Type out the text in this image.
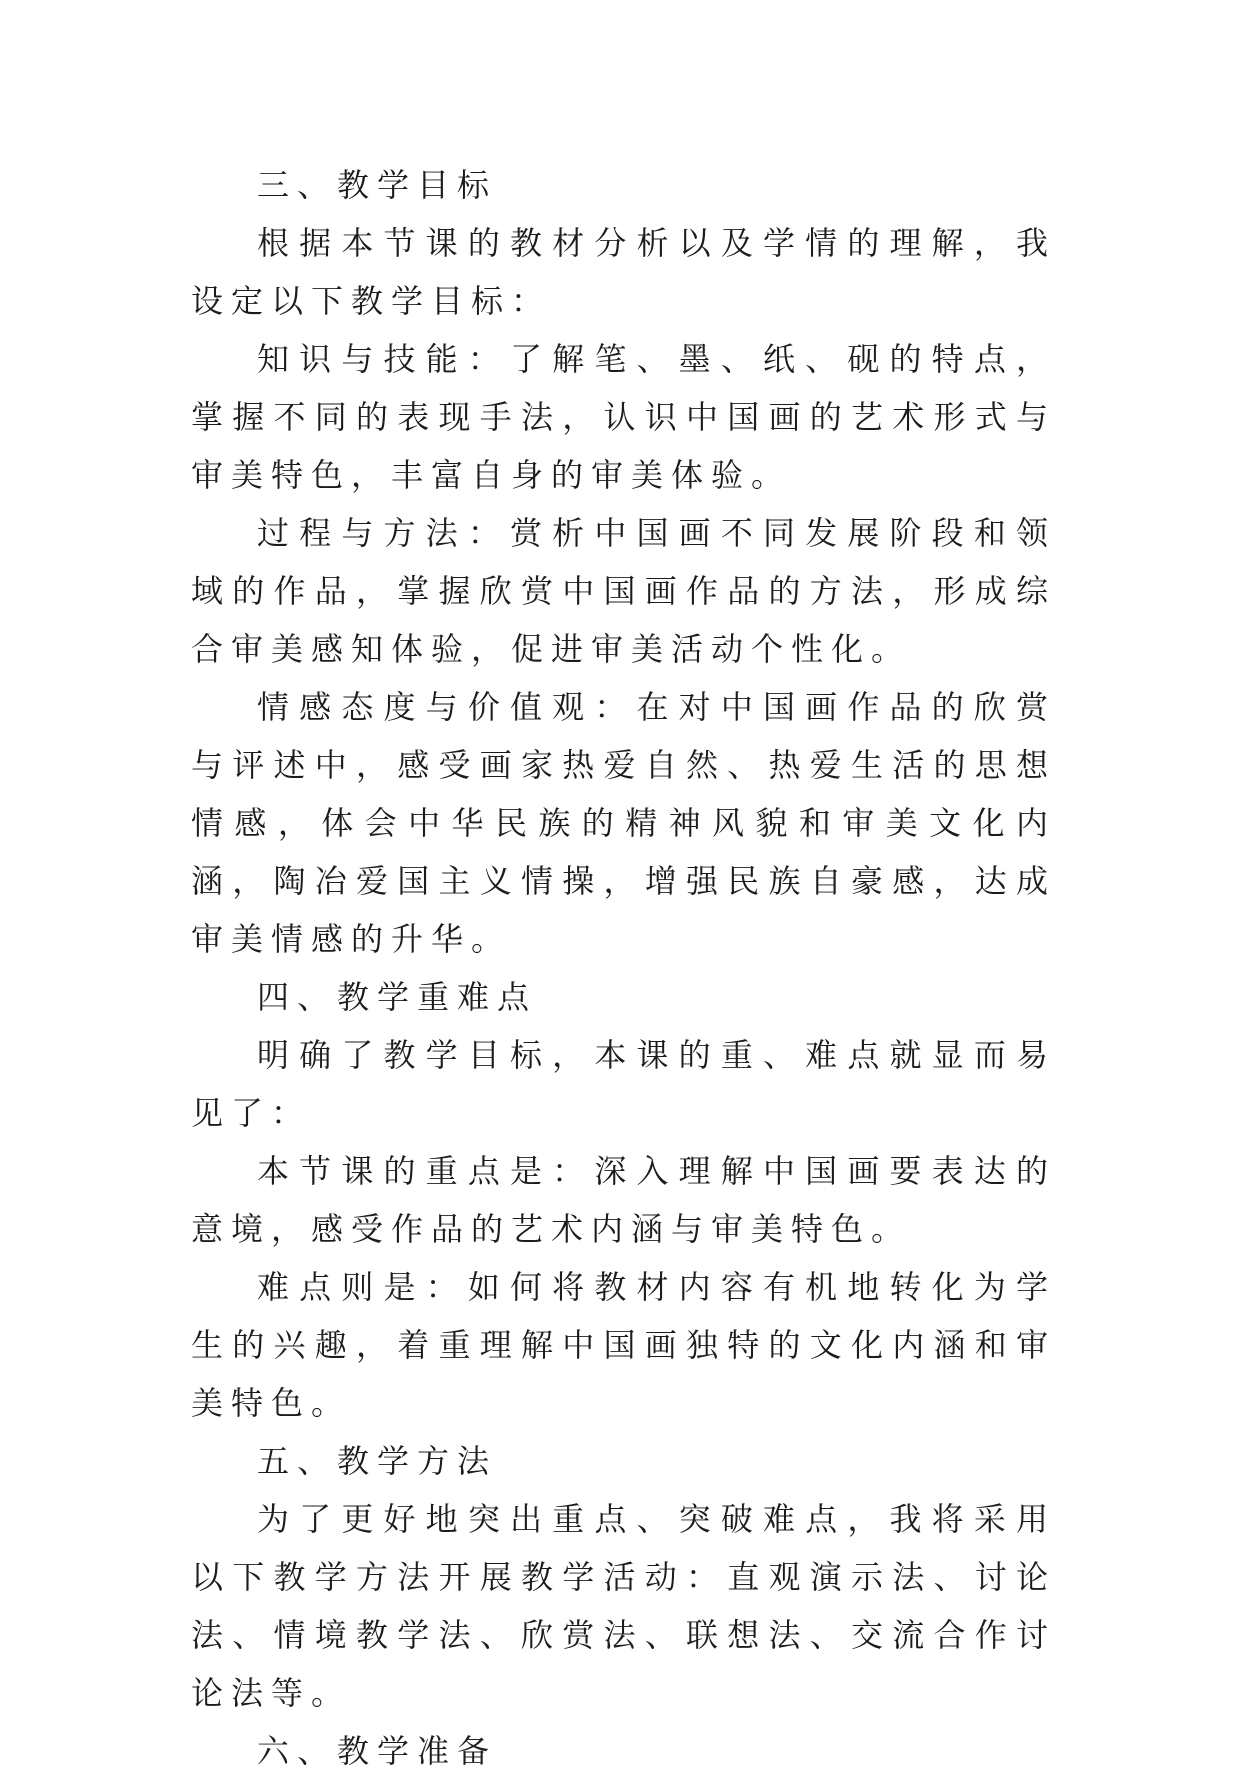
三、教学目标

根据本节课的教材分析以及学情的理解，我设定以下教学目标：

知识与技能：了解笔、墨、纸、砚的特点，掌握不同的表现手法，认识中国画的艺术形式与审美特色，丰富自身的审美体验。

过程与方法：赏析中国画不同发展阶段和领域的作品，掌握欣赏中国画作品的方法，形成综合审美感知体验，促进审美活动个性化。

情感态度与价值观：在对中国画作品的欣赏与评述中，感受画家热爱自然、热爱生活的思想情感，体会中华民族的精神风貌和审美文化内涵，陶冶爱国主义情操，增强民族自豪感，达成审美情感的升华。

四、教学重难点

明确了教学目标，本课的重、难点就显而易见了：

本节课的重点是：深入理解中国画要表达的意境，感受作品的艺术内涵与审美特色。

难点则是：如何将教材内容有机地转化为学生的兴趣，着重理解中国画独特的文化内涵和审美特色。

五、教学方法

为了更好地突出重点、突破难点，我将采用以下教学方法开展教学活动：直观演示法、讨论法、情境教学法、欣赏法、联想法、交流合作讨论法等。

六、教学准备
